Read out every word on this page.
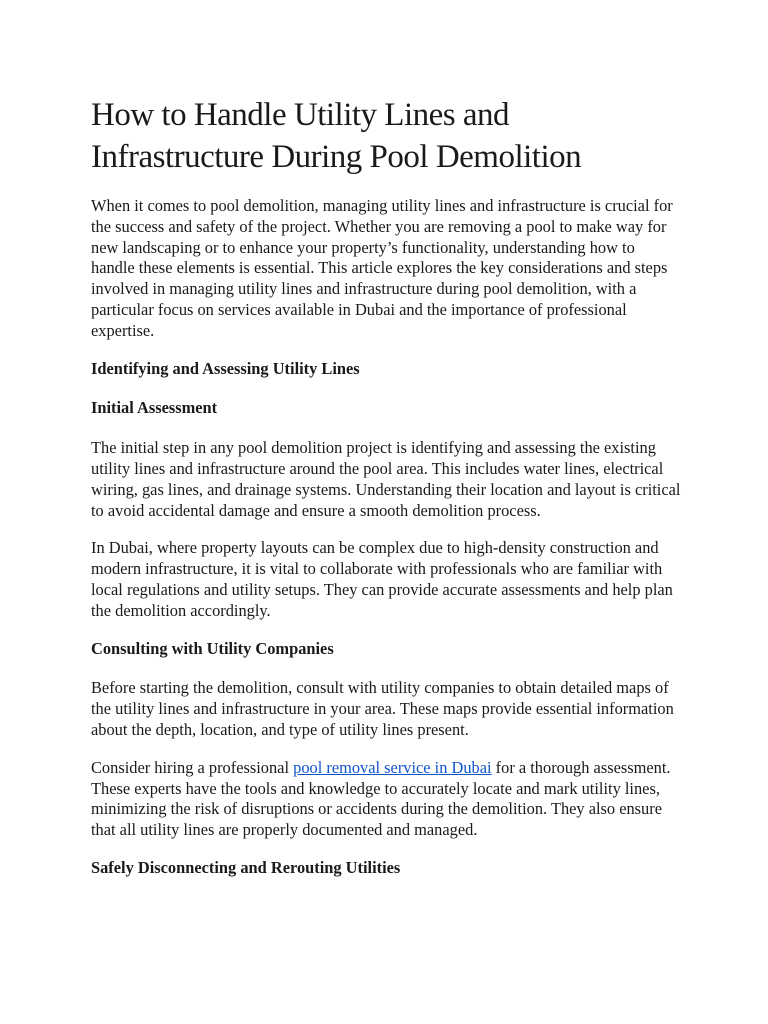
How to Handle Utility Lines and Infrastructure During Pool Demolition

When it comes to pool demolition, managing utility lines and infrastructure is crucial for the success and safety of the project. Whether you are removing a pool to make way for new landscaping or to enhance your property’s functionality, understanding how to handle these elements is essential. This article explores the key considerations and steps involved in managing utility lines and infrastructure during pool demolition, with a particular focus on services available in Dubai and the importance of professional expertise.

Identifying and Assessing Utility Lines
Initial Assessment

The initial step in any pool demolition project is identifying and assessing the existing utility lines and infrastructure around the pool area. This includes water lines, electrical wiring, gas lines, and drainage systems. Understanding their location and layout is critical to avoid accidental damage and ensure a smooth demolition process.

In Dubai, where property layouts can be complex due to high-density construction and modern infrastructure, it is vital to collaborate with professionals who are familiar with local regulations and utility setups. They can provide accurate assessments and help plan the demolition accordingly.

Consulting with Utility Companies

Before starting the demolition, consult with utility companies to obtain detailed maps of the utility lines and infrastructure in your area. These maps provide essential information about the depth, location, and type of utility lines present.

Consider hiring a professional pool removal service in Dubai for a thorough assessment. These experts have the tools and knowledge to accurately locate and mark utility lines, minimizing the risk of disruptions or accidents during the demolition. They also ensure that all utility lines are properly documented and managed.

Safely Disconnecting and Rerouting Utilities
